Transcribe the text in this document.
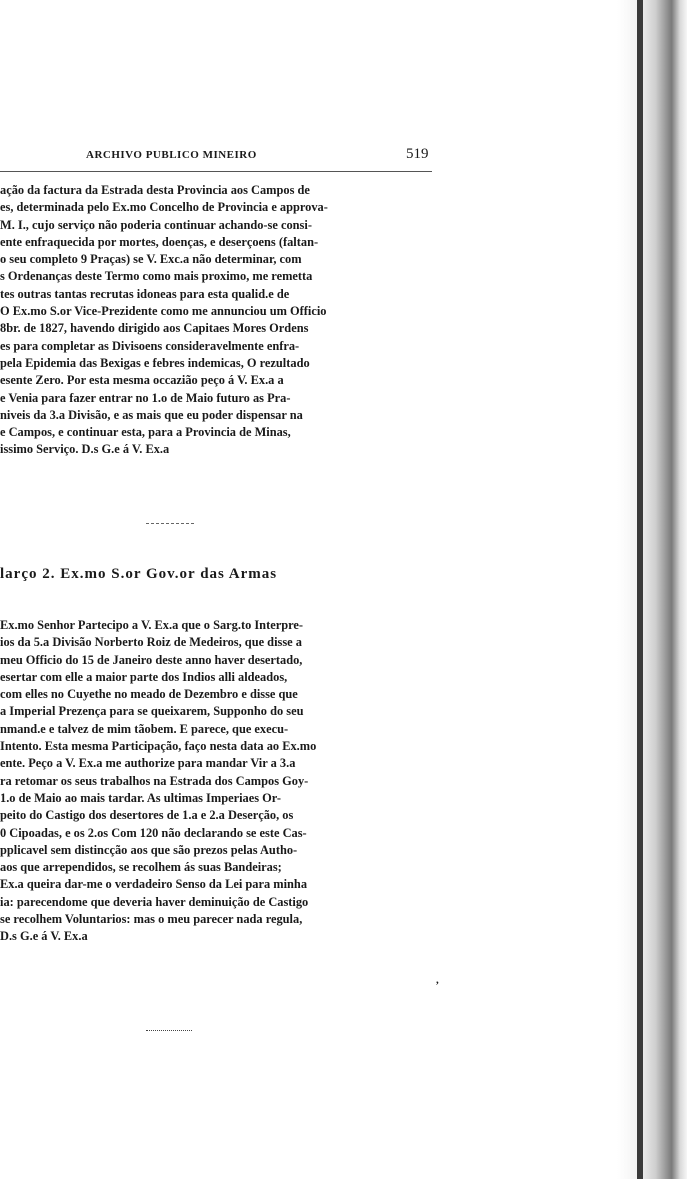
ARCHIVO PUBLICO MINEIRO	519
ação da factura da Estrada desta Provincia aos Campos de
es, determinada pelo Ex.mo Concelho de Provincia e approva-
M. I., cujo serviço não poderia continuar achando-se consi-
ente enfraquecida por mortes, doenças, e deserçoens (faltan-
o seu completo 9 Praças) se V. Exc.a não determinar, com
s Ordenanças deste Termo como mais proximo, me remetta
tes outras tantas recrutas idoneas para esta qualid.e de
O Ex.mo S.or Vice-Prezidente como me annunciou um Officio
8br. de 1827, havendo dirigido aos Capitaes Mores Ordens
es para completar as Divisoens consideravelmente enfra-
pela Epidemia das Bexigas e febres indemicas, O rezultado
esente Zero. Por esta mesma occazião peço á V. Ex.a a
e Venia para fazer entrar no 1.o de Maio futuro as Pra-
niveis da 3.a Divisão, e as mais que eu poder dispensar na
e Campos, e continuar esta, para a Provincia de Minas,
issimo Serviço. D.s G.e á V. Ex.a
larço 2. Ex.mo S.or Gov.or das Armas
Ex.mo Senhor Partecipo a V. Ex.a que o Sarg.to Interpre-
ios da 5.a Divisão Norberto Roiz de Medeiros, que disse a
meu Officio do 15 de Janeiro deste anno haver desertado,
esertar com elle a maior parte dos Indios alli aldeados,
com elles no Cuyethe no meado de Dezembro e disse que
a Imperial Prezença para se queixarem, Supponho do seu
nmand.e e talvez de mim tãobem. E parece, que execu-
Intento. Esta mesma Participação, faço nesta data ao Ex.mo
ente. Peço a V. Ex.a me authorize para mandar Vir a 3.a
ra retomar os seus trabalhos na Estrada dos Campos Goy-
1.o de Maio ao mais tardar. As ultimas Imperiaes Or-
peito do Castigo dos desertores de 1.a e 2.a Deserção, os
0 Cipoadas, e os 2.os Com 120 não declarando se este Cas-
pplicavel sem distincção aos que são prezos pelas Autho-
aos que arrependidos, se recolhem ás suas Bandeiras;
Ex.a queira dar-me o verdadeiro Senso da Lei para minha
ia: parecendome que deveria haver deminuição de Castigo
se recolhem Voluntarios: mas o meu parecer nada regula,
D.s G.e á V. Ex.a
,
